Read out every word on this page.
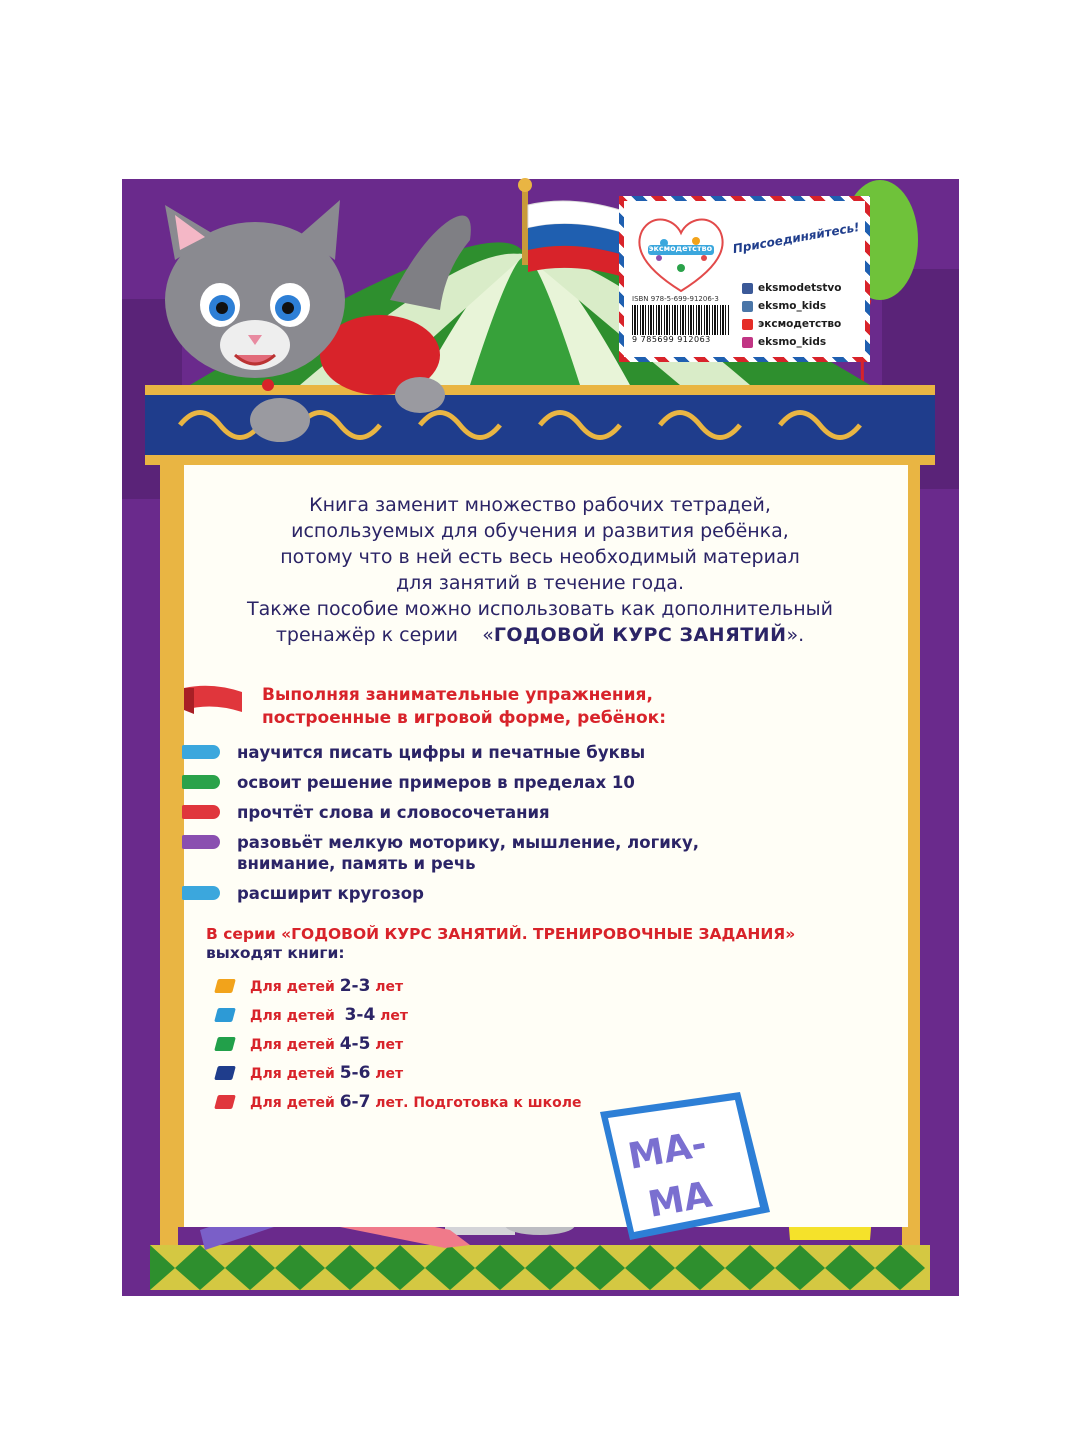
#эксмодетство Присоединяйтесь!
eksmodetstvo
eksmo_kids
эксмодетство
eksmo_kids
ISBN 978-5-699-91206-3
9 785699 912063

Книга заменит множество рабочих тетрадей,

используемых для обучения и развития ребёнка,

потому что в ней есть весь необходимый материал

для занятий в течение года.

Также пособие можно использовать как дополнительный

тренажёр к серии «ГОДОВОЙ КУРС ЗАНЯТИЙ».

Выполняя занимательные упражнения,
построенные в игровой форме, ребёнок:
научится писать цифры и печатные буквы
освоит решение примеров в пределах 10
прочтёт слова и словосочетания
разовьёт мелкую моторику, мышление, логику,
внимание, память и речь
расширит кругозор
В серии «ГОДОВОЙ КУРС ЗАНЯТИЙ. ТРЕНИРОВОЧНЫЕ ЗАДАНИЯ»
выходят книги:
Для детей 2-3 лет
Для детей 3-4 лет
Для детей 4-5 лет
Для детей 5-6 лет
Для детей 6-7 лет. Подготовка к школе
МА-
МА
